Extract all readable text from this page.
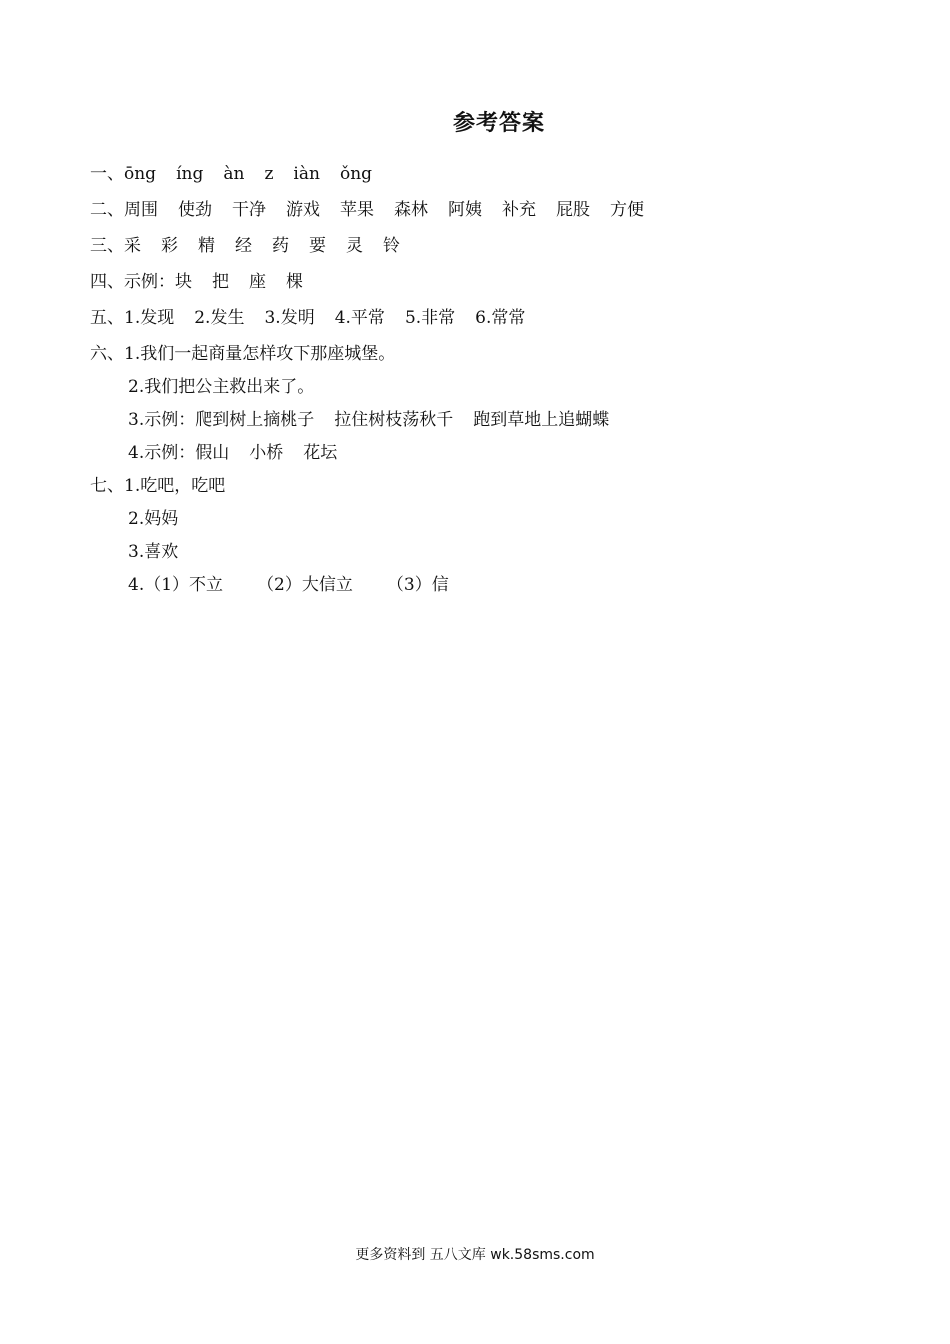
参考答案
一、ōng íng àn z iàn ǒng
二、周围 使劲 干净 游戏 苹果 森林 阿姨 补充 屁股 方便
三、采 彩 精 经 药 要 灵 铃
四、示例：块 把 座 棵
五、1.发现 2.发生 3.发明 4.平常 5.非常 6.常常
六、1.我们一起商量怎样攻下那座城堡。
2.我们把公主救出来了。
3.示例：爬到树上摘桃子 拉住树枝荡秋千 跑到草地上追蝴蝶
4.示例：假山 小桥 花坛
七、1.吃吧，吃吧
2.妈妈
3.喜欢
4.（1）不立 （2）大信立 （3）信
更多资料到 五八文库 wk.58sms.com
